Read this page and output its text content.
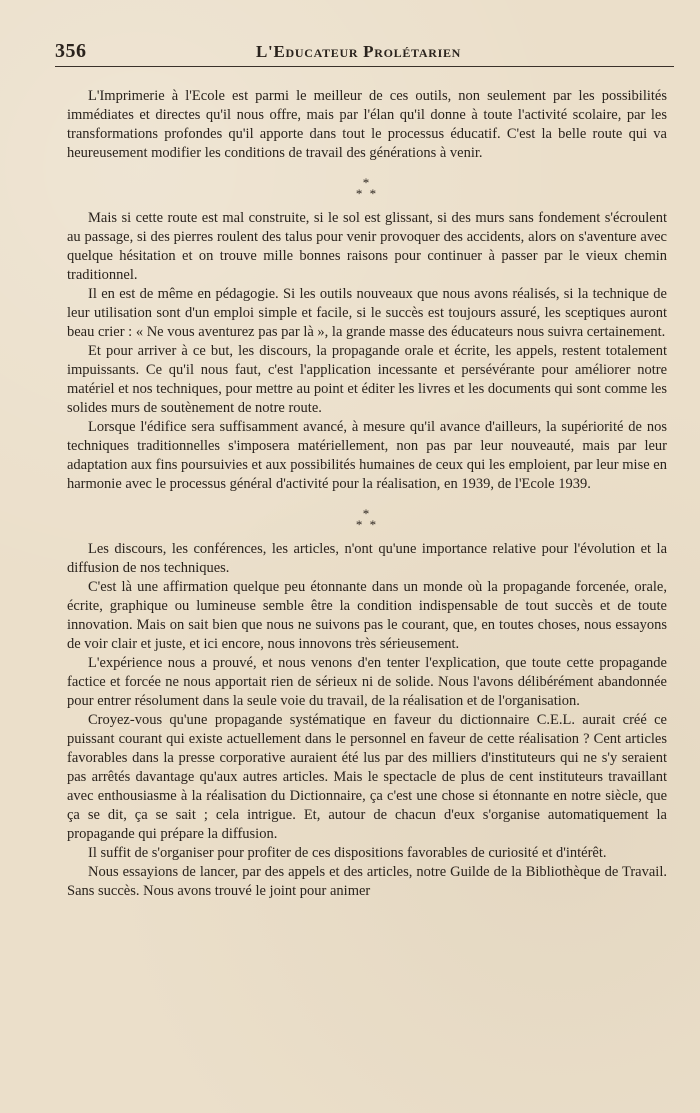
356	L'Educateur Prolétarien

L'Imprimerie à l'Ecole est parmi le meilleur de ces outils, non seulement par les possibilités immédiates et directes qu'il nous offre, mais par l'élan qu'il donne à toute l'activité scolaire, par les transformations profondes qu'il apporte dans tout le processus éducatif. C'est la belle route qui va heureusement modifier les conditions de travail des générations à venir.

*
* *

Mais si cette route est mal construite, si le sol est glissant, si des murs sans fondement s'écroulent au passage, si des pierres roulent des talus pour venir provoquer des accidents, alors on s'aventure avec quelque hésitation et on trouve mille bonnes raisons pour continuer à passer par le vieux chemin traditionnel.

Il en est de même en pédagogie. Si les outils nouveaux que nous avons réalisés, si la technique de leur utilisation sont d'un emploi simple et facile, si le succès est toujours assuré, les sceptiques auront beau crier : « Ne vous aventurez pas par là », la grande masse des éducateurs nous suivra certainement.

Et pour arriver à ce but, les discours, la propagande orale et écrite, les appels, restent totalement impuissants. Ce qu'il nous faut, c'est l'application incessante et persévérante pour améliorer notre matériel et nos techniques, pour mettre au point et éditer les livres et les documents qui sont comme les solides murs de soutènement de notre route.

Lorsque l'édifice sera suffisamment avancé, à mesure qu'il avance d'ailleurs, la supériorité de nos techniques traditionnelles s'imposera matériellement, non pas par leur nouveauté, mais par leur adaptation aux fins poursuivies et aux possibilités humaines de ceux qui les emploient, par leur mise en harmonie avec le processus général d'activité pour la réalisation, en 1939, de l'Ecole 1939.

*
* *

Les discours, les conférences, les articles, n'ont qu'une importance relative pour l'évolution et la diffusion de nos techniques.

C'est là une affirmation quelque peu étonnante dans un monde où la propagande forcenée, orale, écrite, graphique ou lumineuse semble être la condition indispensable de tout succès et de toute innovation. Mais on sait bien que nous ne suivons pas le courant, que, en toutes choses, nous essayons de voir clair et juste, et ici encore, nous innovons très sérieusement.

L'expérience nous a prouvé, et nous venons d'en tenter l'explication, que toute cette propagande factice et forcée ne nous apportait rien de sérieux ni de solide. Nous l'avons délibérément abandonnée pour entrer résolument dans la seule voie du travail, de la réalisation et de l'organisation.

Croyez-vous qu'une propagande systématique en faveur du dictionnaire C.E.L. aurait créé ce puissant courant qui existe actuellement dans le personnel en faveur de cette réalisation ? Cent articles favorables dans la presse corporative auraient été lus par des milliers d'instituteurs qui ne s'y seraient pas arrêtés davantage qu'aux autres articles. Mais le spectacle de plus de cent instituteurs travaillant avec enthousiasme à la réalisation du Dictionnaire, ça c'est une chose si étonnante en notre siècle, que ça se dit, ça se sait ; cela intrigue. Et, autour de chacun d'eux s'organise automatiquement la propagande qui prépare la diffusion.

Il suffit de s'organiser pour profiter de ces dispositions favorables de curiosité et d'intérêt.

Nous essayions de lancer, par des appels et des articles, notre Guilde de la Bibliothèque de Travail. Sans succès. Nous avons trouvé le joint pour animer
